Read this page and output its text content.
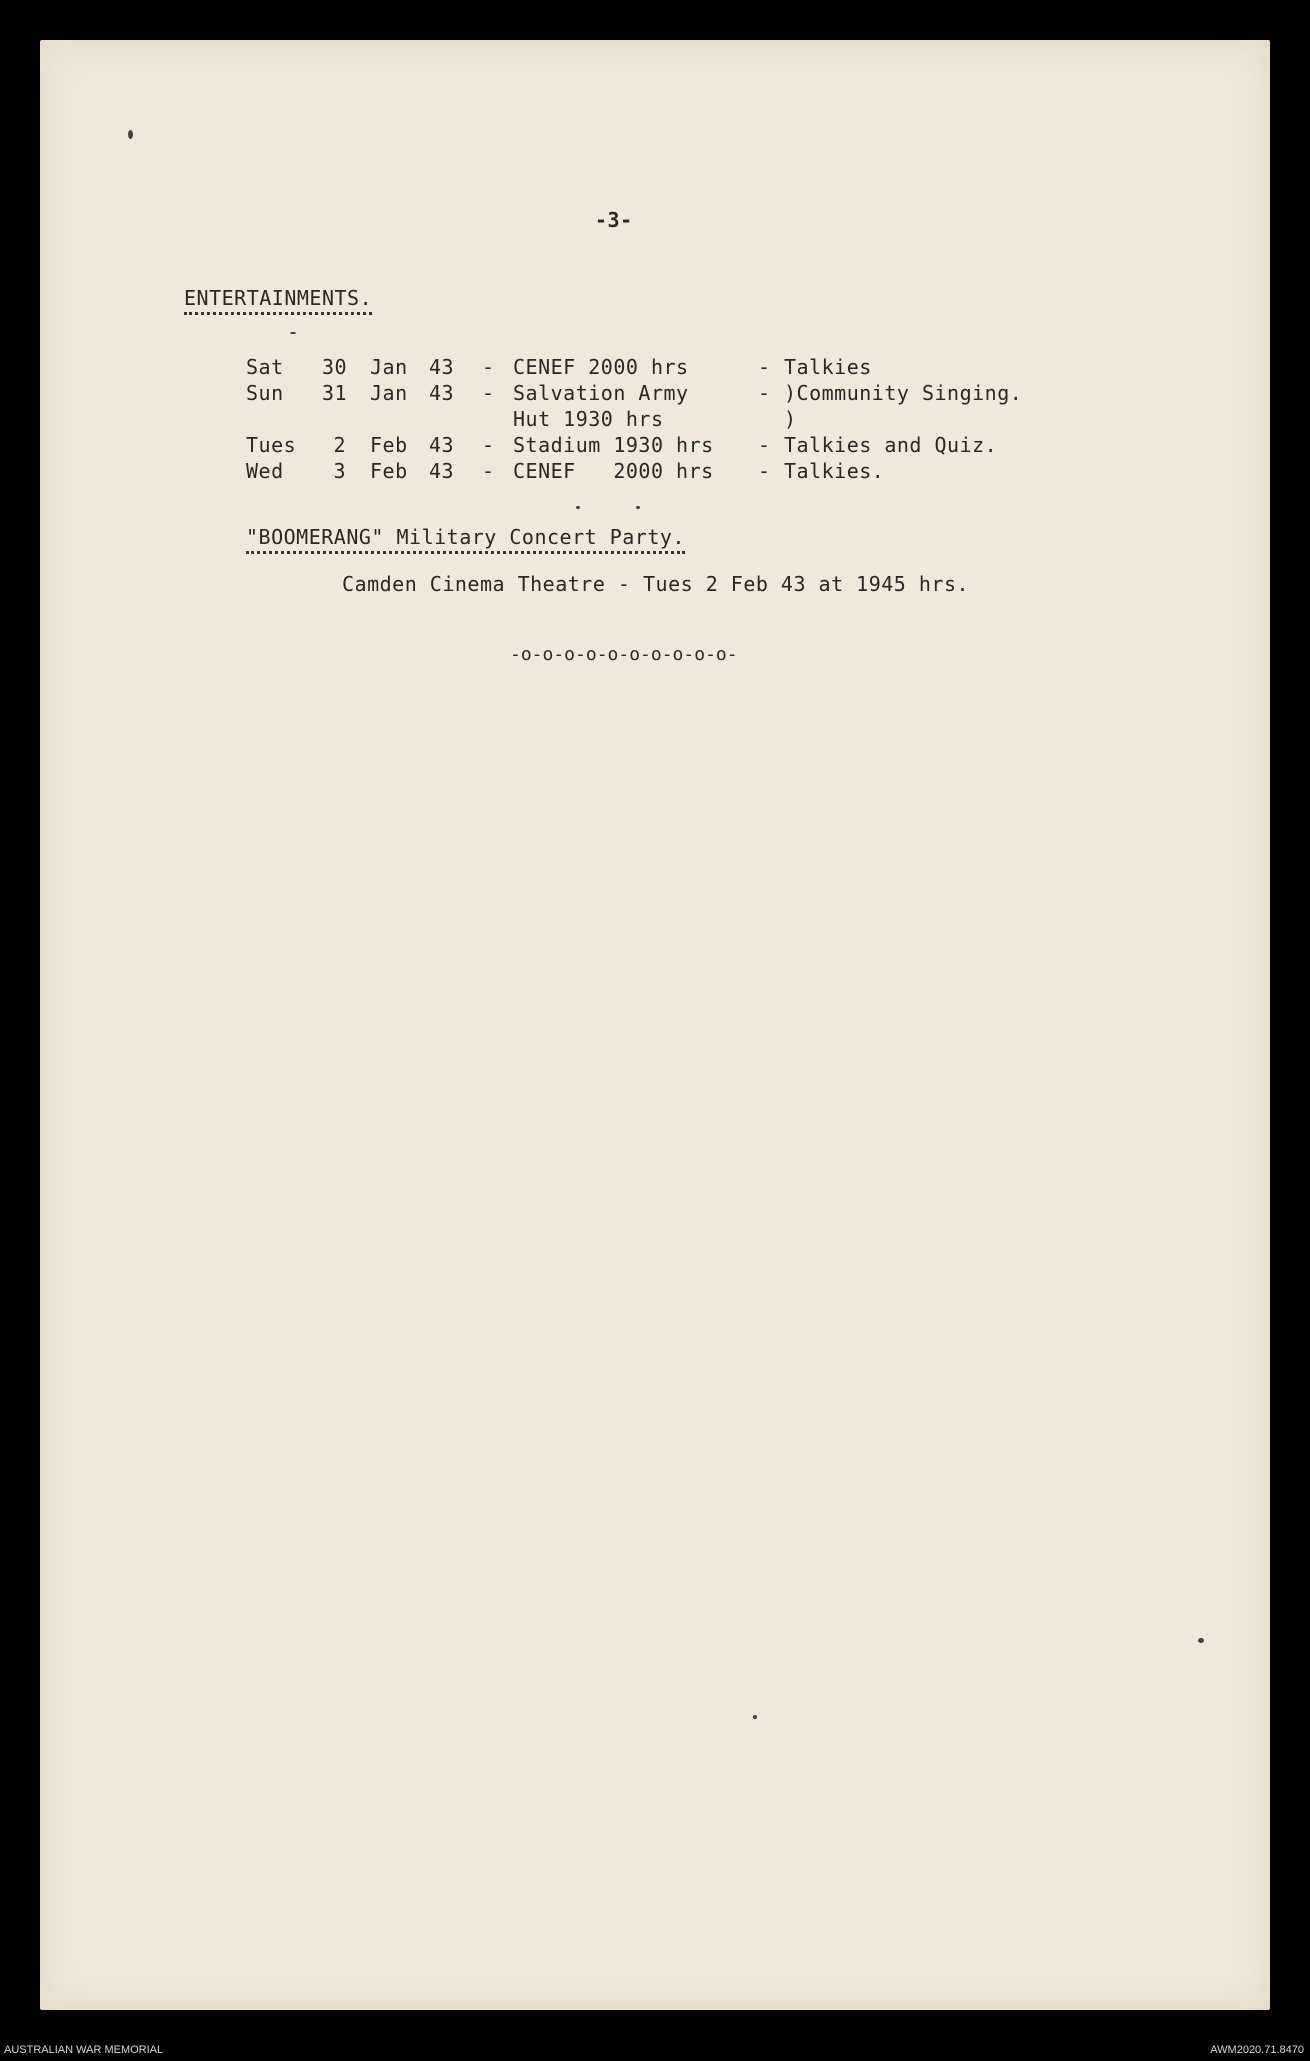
-3-
ENTERTAINMENTS.
Sat 30 Jan 43 - CENEF 2000 hrs	- Talkies
Sun 31 Jan 43 - Salvation Army	- )Community Singing.
Hut 1930 hrs	)
Tues	2 Feb 43 - Stadium 1930 hrs - Talkies and Quiz.
Wed	3 Feb 43 - CENEF   2000 hrs - Talkies.
"BOOMERANG" Military Concert Party.
Camden Cinema Theatre - Tues 2 Feb 43 at 1945 hrs.
-o-o-o-o-o-o-o-o-o-o-
AUSTRALIAN WAR MEMORIAL	AWM2020.71.8470
